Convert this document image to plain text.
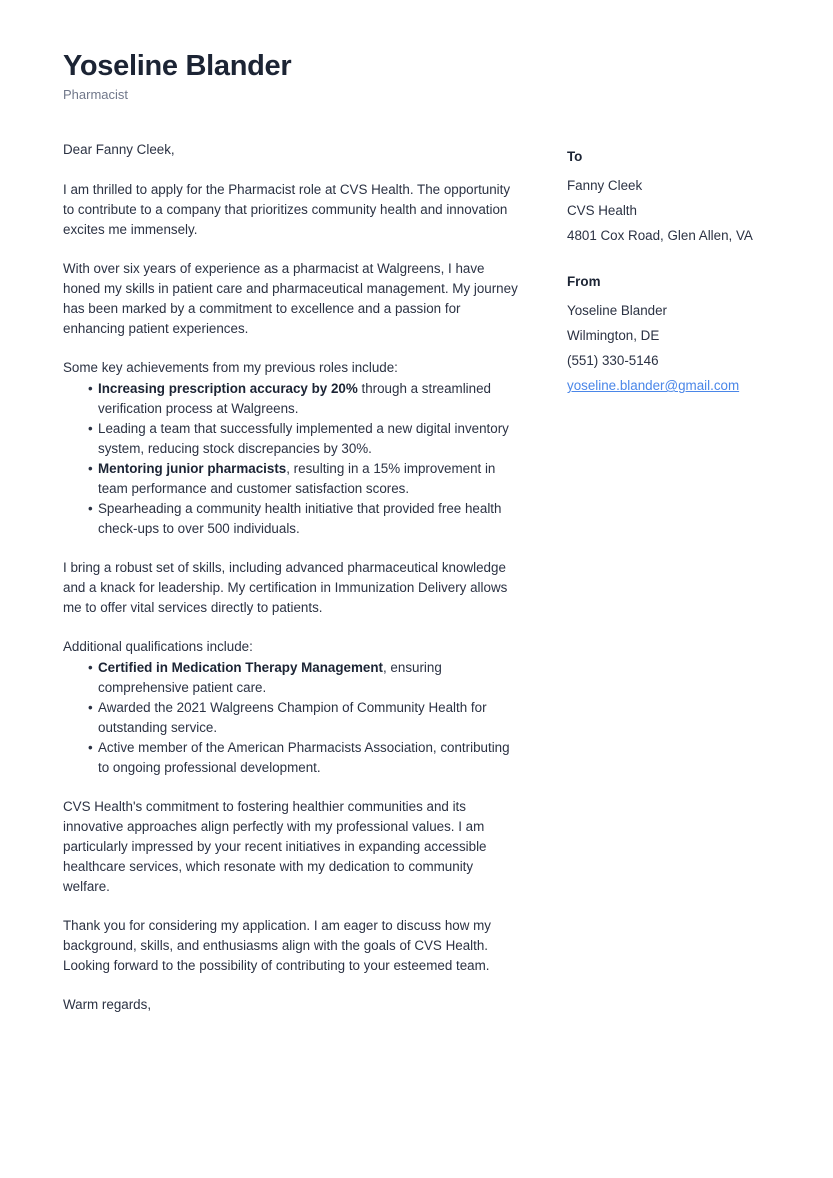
Yoseline Blander
Pharmacist

Dear Fanny Cleek,

I am thrilled to apply for the Pharmacist role at CVS Health. The opportunity to contribute to a company that prioritizes community health and innovation excites me immensely.

With over six years of experience as a pharmacist at Walgreens, I have honed my skills in patient care and pharmaceutical management. My journey has been marked by a commitment to excellence and a passion for enhancing patient experiences.

Some key achievements from my previous roles include:

• Increasing prescription accuracy by 20% through a streamlined verification process at Walgreens.
• Leading a team that successfully implemented a new digital inventory system, reducing stock discrepancies by 30%.
• Mentoring junior pharmacists, resulting in a 15% improvement in team performance and customer satisfaction scores.
• Spearheading a community health initiative that provided free health check-ups to over 500 individuals.

I bring a robust set of skills, including advanced pharmaceutical knowledge and a knack for leadership. My certification in Immunization Delivery allows me to offer vital services directly to patients.

Additional qualifications include:

• Certified in Medication Therapy Management, ensuring comprehensive patient care.
• Awarded the 2021 Walgreens Champion of Community Health for outstanding service.
• Active member of the American Pharmacists Association, contributing to ongoing professional development.

CVS Health's commitment to fostering healthier communities and its innovative approaches align perfectly with my professional values. I am particularly impressed by your recent initiatives in expanding accessible healthcare services, which resonate with my dedication to community welfare.

Thank you for considering my application. I am eager to discuss how my background, skills, and enthusiasms align with the goals of CVS Health. Looking forward to the possibility of contributing to your esteemed team.

Warm regards,

To
Fanny Cleek
CVS Health
4801 Cox Road, Glen Allen, VA
From
Yoseline Blander
Wilmington, DE
(551) 330-5146
yoseline.blander@gmail.com
